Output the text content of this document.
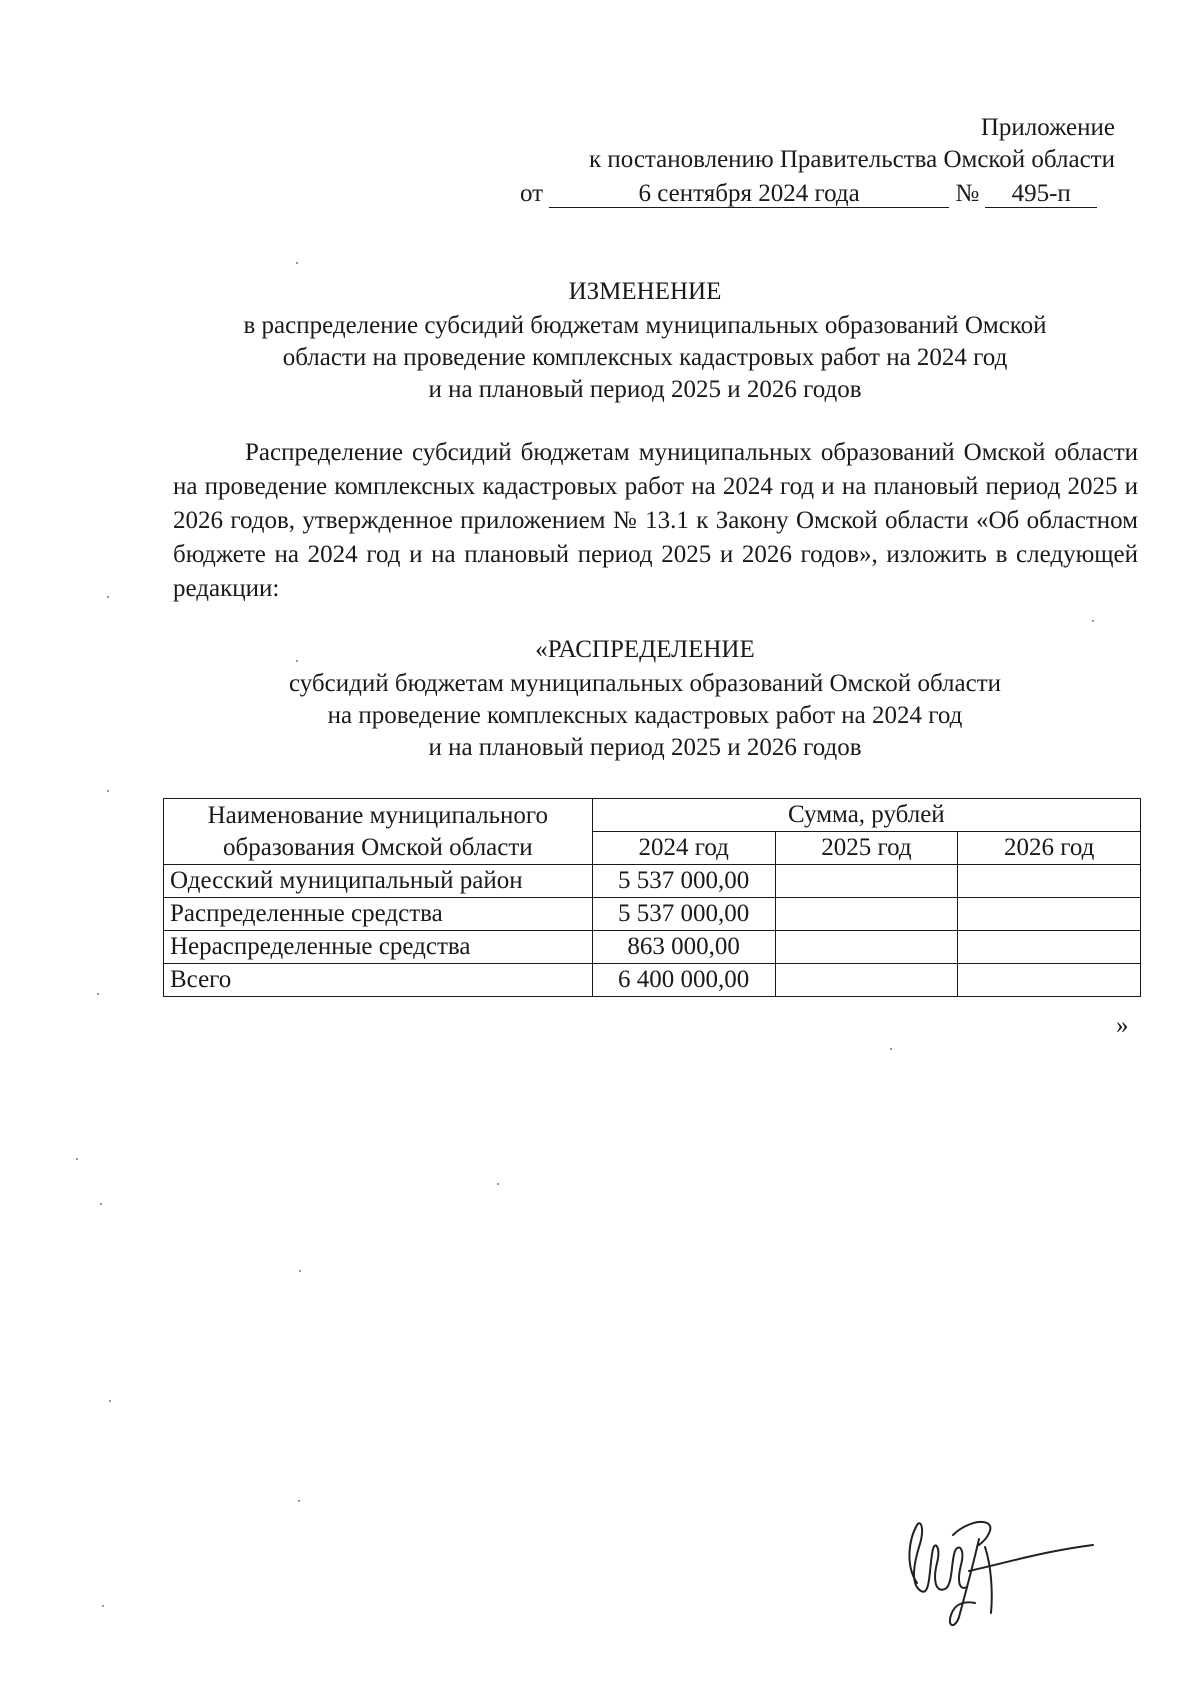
Приложение
к постановлению Правительства Омской области
от	6 сентября 2024 года	№ 495-п
ИЗМЕНЕНИЕ
в распределение субсидий бюджетам муниципальных образований Омской
области на проведение комплексных кадастровых работ на 2024 год
и на плановый период 2025 и 2026 годов
Распределение субсидий бюджетам муниципальных образований Омской области на проведение комплексных кадастровых работ на 2024 год и на плановый период 2025 и 2026 годов, утвержденное приложением № 13.1 к Закону Омской области «Об областном бюджете на 2024 год и на плановый период 2025 и 2026 годов», изложить в следующей редакции:
«РАСПРЕДЕЛЕНИЕ
субсидий бюджетам муниципальных образований Омской области
на проведение комплексных кадастровых работ на 2024 год
и на плановый период 2025 и 2026 годов
Наименование муниципального
образования Омской области	Сумма, рублей		
	2024 год	2025 год	2026 год
Одесский муниципальный район	5 537 000,00		
Распределенные средства	5 537 000,00		
Нераспределенные средства	863 000,00		
Всего	6 400 000,00		
»
